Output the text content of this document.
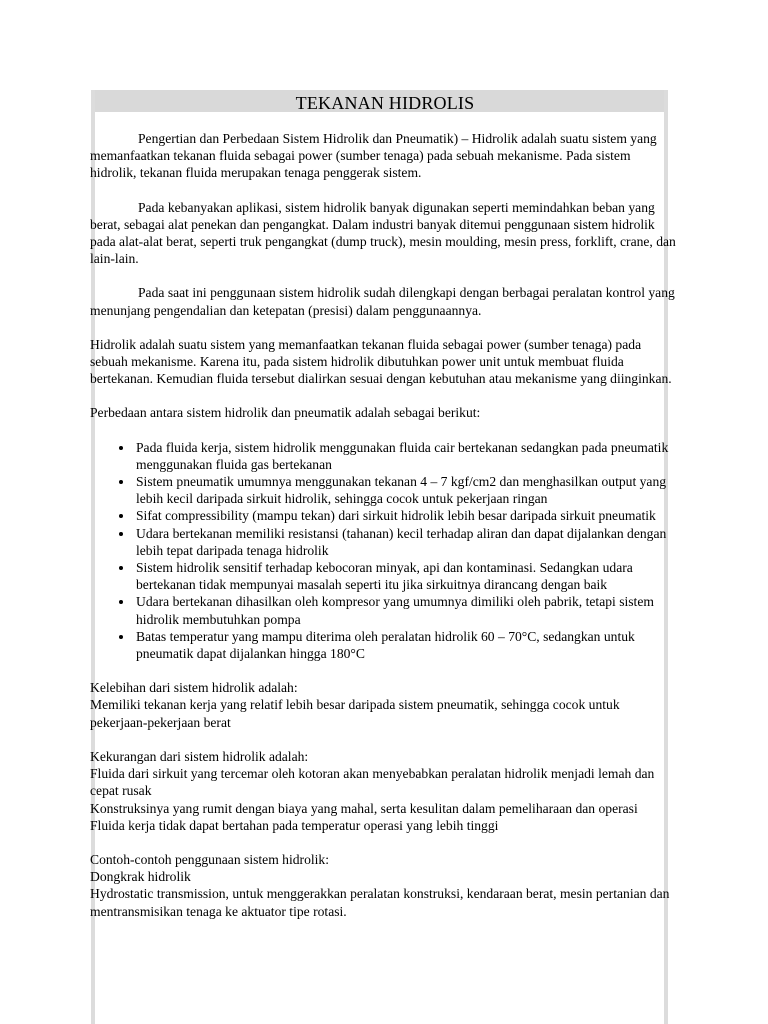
TEKANAN HIDROLIS

Pengertian dan Perbedaan Sistem Hidrolik dan Pneumatik) – Hidrolik adalah suatu sistem yang memanfaatkan tekanan fluida sebagai power (sumber tenaga) pada sebuah mekanisme. Pada sistem hidrolik, tekanan fluida merupakan tenaga penggerak sistem.

Pada kebanyakan aplikasi, sistem hidrolik banyak digunakan seperti memindahkan beban yang berat, sebagai alat penekan dan pengangkat. Dalam industri banyak ditemui penggunaan sistem hidrolik pada alat-alat berat, seperti truk pengangkat (dump truck), mesin moulding, mesin press, forklift, crane, dan lain-lain.

Pada saat ini penggunaan sistem hidrolik sudah dilengkapi dengan berbagai peralatan kontrol yang menunjang pengendalian dan ketepatan (presisi) dalam penggunaannya.

Hidrolik adalah suatu sistem yang memanfaatkan tekanan fluida sebagai power (sumber tenaga) pada sebuah mekanisme. Karena itu, pada sistem hidrolik dibutuhkan power unit untuk membuat fluida bertekanan. Kemudian fluida tersebut dialirkan sesuai dengan kebutuhan atau mekanisme yang diinginkan.

Perbedaan antara sistem hidrolik dan pneumatik adalah sebagai berikut:

• Pada fluida kerja, sistem hidrolik menggunakan fluida cair bertekanan sedangkan pada pneumatik menggunakan fluida gas bertekanan
• Sistem pneumatik umumnya menggunakan tekanan 4 – 7 kgf/cm2 dan menghasilkan output yang lebih kecil daripada sirkuit hidrolik, sehingga cocok untuk pekerjaan ringan
• Sifat compressibility (mampu tekan) dari sirkuit hidrolik lebih besar daripada sirkuit pneumatik
• Udara bertekanan memiliki resistansi (tahanan) kecil terhadap aliran dan dapat dijalankan dengan lebih tepat daripada tenaga hidrolik
• Sistem hidrolik sensitif terhadap kebocoran minyak, api dan kontaminasi. Sedangkan udara bertekanan tidak mempunyai masalah seperti itu jika sirkuitnya dirancang dengan baik
• Udara bertekanan dihasilkan oleh kompresor yang umumnya dimiliki oleh pabrik, tetapi sistem hidrolik membutuhkan pompa
• Batas temperatur yang mampu diterima oleh peralatan hidrolik 60 – 70°C, sedangkan untuk pneumatik dapat dijalankan hingga 180°C

Kelebihan dari sistem hidrolik adalah:
Memiliki tekanan kerja yang relatif lebih besar daripada sistem pneumatik, sehingga cocok untuk pekerjaan-pekerjaan berat

Kekurangan dari sistem hidrolik adalah:
Fluida dari sirkuit yang tercemar oleh kotoran akan menyebabkan peralatan hidrolik menjadi lemah dan cepat rusak
Konstruksinya yang rumit dengan biaya yang mahal, serta kesulitan dalam pemeliharaan dan operasi
Fluida kerja tidak dapat bertahan pada temperatur operasi yang lebih tinggi

Contoh-contoh penggunaan sistem hidrolik:
Dongkrak hidrolik
Hydrostatic transmission, untuk menggerakkan peralatan konstruksi, kendaraan berat, mesin pertanian dan mentransmisikan tenaga ke aktuator tipe rotasi.
